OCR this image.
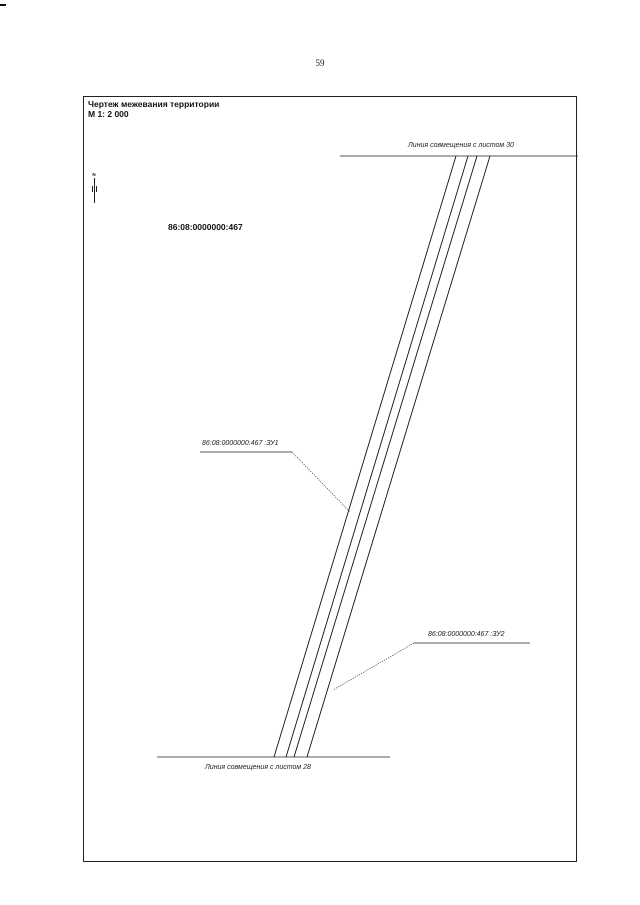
59
Чертеж межевания территории
М 1: 2 000
N
86:08:0000000:467
Линия совмещения с листом 30
Линия совмещения с листом 28
86:08:0000000:467 :ЗУ1
86:08:0000000:467 :ЗУ2
